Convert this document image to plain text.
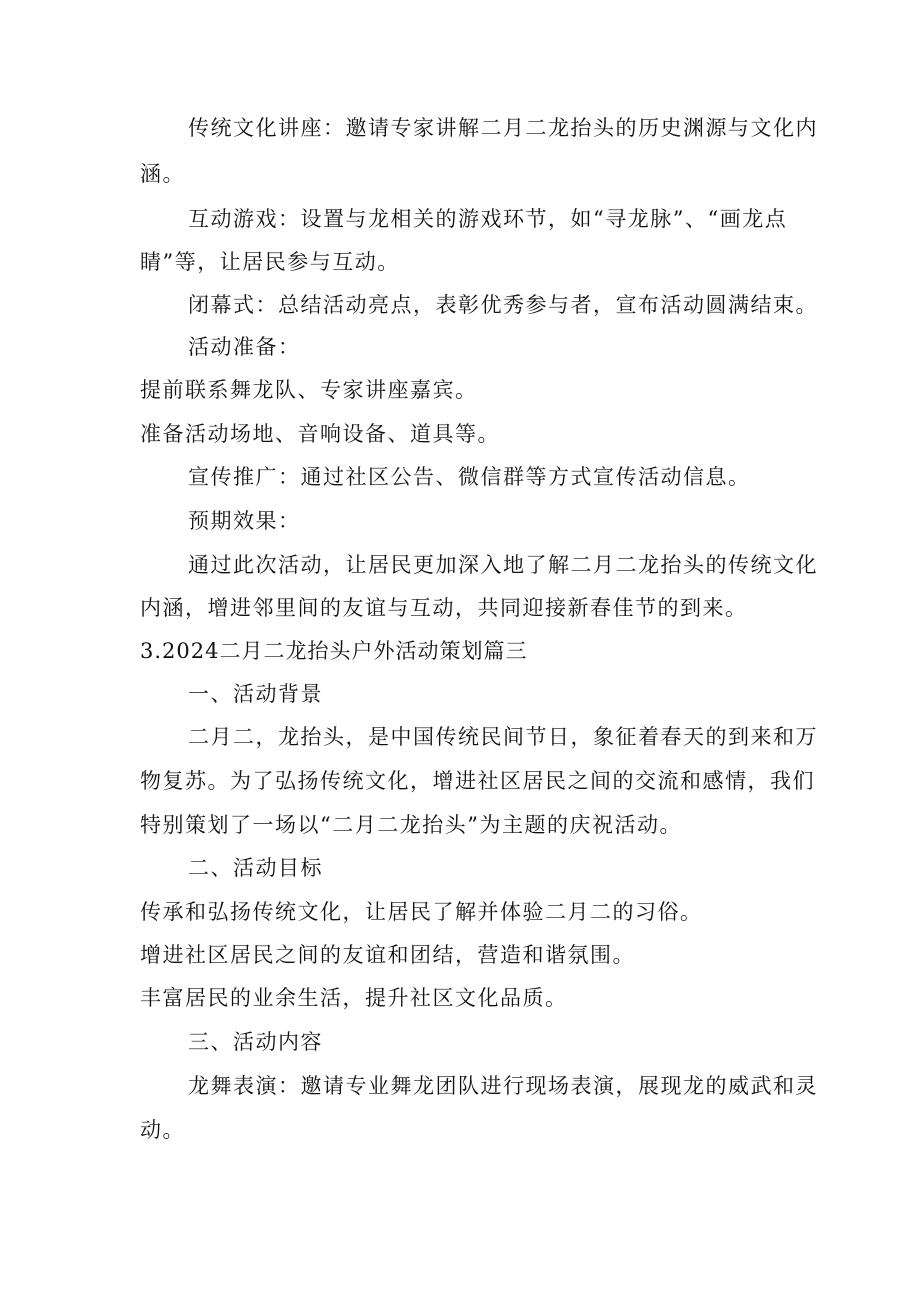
传统文化讲座：邀请专家讲解二月二龙抬头的历史渊源与文化内
涵。
互动游戏：设置与龙相关的游戏环节，如“寻龙脉”、“画龙点
睛”等，让居民参与互动。
闭幕式：总结活动亮点，表彰优秀参与者，宣布活动圆满结束。
活动准备：
提前联系舞龙队、专家讲座嘉宾。
准备活动场地、音响设备、道具等。
宣传推广：通过社区公告、微信群等方式宣传活动信息。
预期效果：
通过此次活动，让居民更加深入地了解二月二龙抬头的传统文化
内涵，增进邻里间的友谊与互动，共同迎接新春佳节的到来。
3.2024二月二龙抬头户外活动策划篇三
一、活动背景
二月二，龙抬头，是中国传统民间节日，象征着春天的到来和万
物复苏。为了弘扬传统文化，增进社区居民之间的交流和感情，我们
特别策划了一场以“二月二龙抬头”为主题的庆祝活动。
二、活动目标
传承和弘扬传统文化，让居民了解并体验二月二的习俗。
增进社区居民之间的友谊和团结，营造和谐氛围。
丰富居民的业余生活，提升社区文化品质。
三、活动内容
龙舞表演：邀请专业舞龙团队进行现场表演，展现龙的威武和灵
动。
